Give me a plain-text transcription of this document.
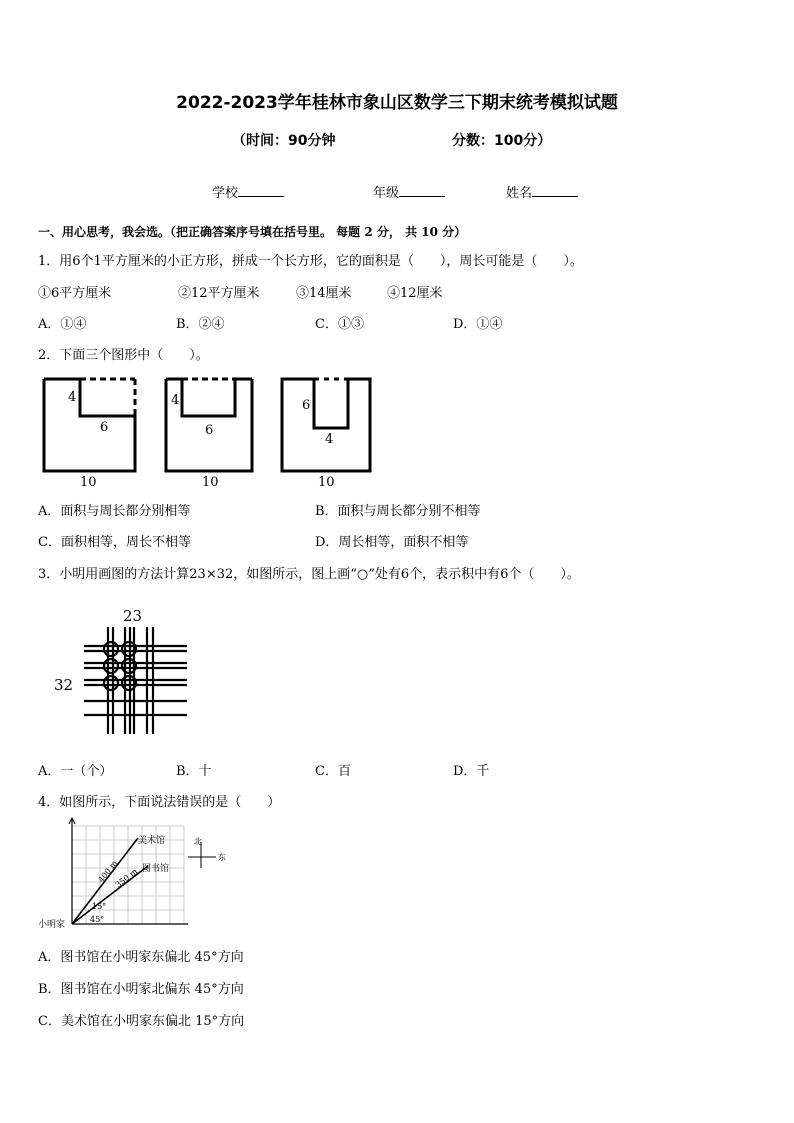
2022-2023学年桂林市象山区数学三下期末统考模拟试题
（时间：90分钟	分数：100分）
学校	年级	姓名
一、用心思考，我会选。（把正确答案序号填在括号里。 每题 2 分， 共 10 分）
1．用6个1平方厘米的小正方形，拼成一个长方形，它的面积是（　　），周长可能是（　　）。
①6平方厘米	②12平方厘米	③14厘米	④12厘米
A．①④	B．②④	C．①③	D．①④
2．下面三个图形中（　　）。
4
6
10
4
6
10
6
4
10
A．面积与周长都分别相等	B．面积与周长都分别不相等
C．面积相等，周长不相等	D．周长相等，面积不相等
3．小明用画图的方法计算23×32，如图所示，图上画“○”处有6个，表示积中有6个（　　）。
23
32
A．一（个）	B．十	C．百	D．千
4．如图所示，下面说法错误的是（　　）
美术馆
图书馆
400 m
350 m
15°
45°
小明家
北
东
A．图书馆在小明家东偏北 45°方向
B．图书馆在小明家北偏东 45°方向
C．美术馆在小明家东偏北 15°方向
